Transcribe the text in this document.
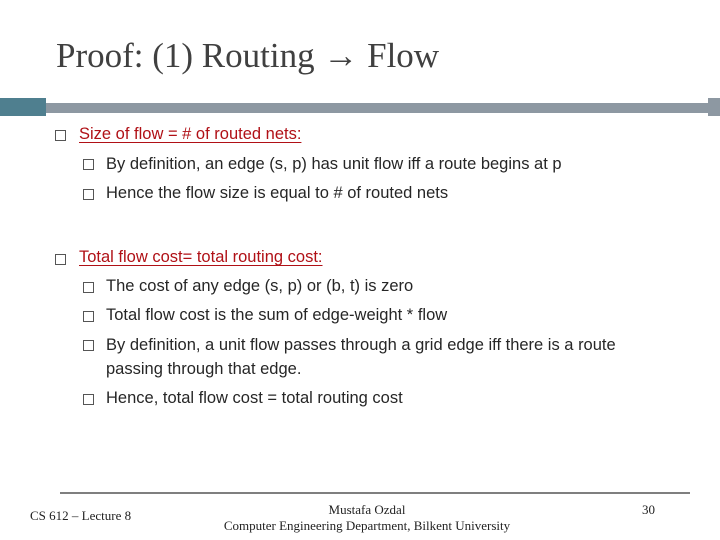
Proof: (1) Routing → Flow
Size of flow = # of routed nets:
By definition, an edge (s, p) has unit flow iff a route begins at p
Hence the flow size is equal to # of routed nets
Total flow cost= total routing cost:
The cost of any edge (s, p) or (b, t) is zero
Total flow cost is the sum of edge-weight * flow
By definition, a unit flow passes through a grid edge iff there is a route
passing through that edge.
Hence, total flow cost = total routing cost
CS 612 – Lecture 8	Mustafa Ozdal
Computer Engineering Department, Bilkent University
30
